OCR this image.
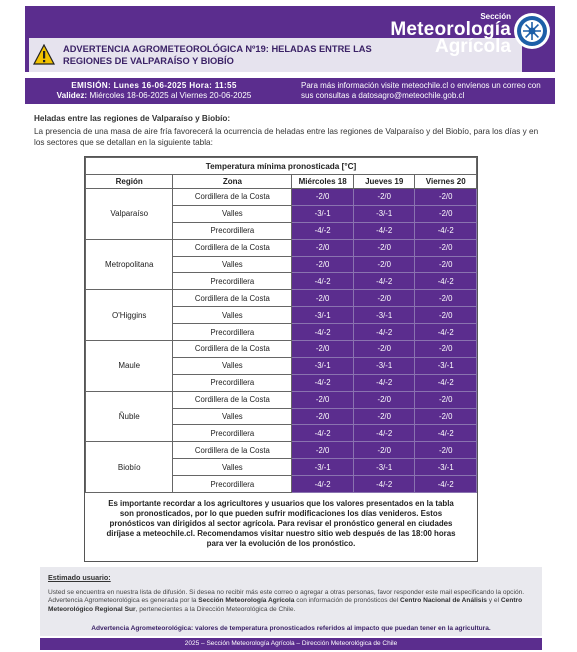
ADVERTENCIA AGROMETEOROLÓGICA Nº19: HELADAS ENTRE LAS REGIONES DE VALPARAÍSO Y BIOBÍO
Sección
Meteorología
Agrícola
EMISIÓN: Lunes 16-06-2025 Hora: 11:55
Validez: Miércoles 18-06-2025 al Viernes 20-06-2025
Para más información visite meteochile.cl o envíenos un correo con sus consultas a datosagro@meteochile.gob.cl
Heladas entre las regiones de Valparaíso y Biobío:
La presencia de una masa de aire fría favorecerá la ocurrencia de heladas entre las regiones de Valparaíso y del Biobío, para los días y en los sectores que se detallan en la siguiente tabla:
Temperatura mínima pronosticada [°C]				
Región	Zona	Miércoles 18	Jueves 19	Viernes 20
Valparaíso	Cordillera de la Costa	-2/0	-2/0	-2/0
	Valles	-3/-1	-3/-1	-2/0
	Precordillera	-4/-2	-4/-2	-4/-2
Metropolitana	Cordillera de la Costa	-2/0	-2/0	-2/0
	Valles	-2/0	-2/0	-2/0
	Precordillera	-4/-2	-4/-2	-4/-2
O'Higgins	Cordillera de la Costa	-2/0	-2/0	-2/0
	Valles	-3/-1	-3/-1	-2/0
	Precordillera	-4/-2	-4/-2	-4/-2
Maule	Cordillera de la Costa	-2/0	-2/0	-2/0
	Valles	-3/-1	-3/-1	-3/-1
	Precordillera	-4/-2	-4/-2	-4/-2
Ñuble	Cordillera de la Costa	-2/0	-2/0	-2/0
	Valles	-2/0	-2/0	-2/0
	Precordillera	-4/-2	-4/-2	-4/-2
Biobío	Cordillera de la Costa	-2/0	-2/0	-2/0
	Valles	-3/-1	-3/-1	-3/-1
	Precordillera	-4/-2	-4/-2	-4/-2
Es importante recordar a los agricultores y usuarios que los valores presentados en la tabla son pronosticados, por lo que pueden sufrir modificaciones los días venideros. Estos pronósticos van dirigidos al sector agrícola. Para revisar el pronóstico general en ciudades diríjase a meteochile.cl. Recomendamos visitar nuestro sitio web después de las 18:00 horas para ver la evolución de los pronóstico.
Estimado usuario:
Usted se encuentra en nuestra lista de difusión. Si desea no recibir más este correo o agregar a otras personas, favor responder este mail especificando la opción. Advertencia Agrometeorológica es generada por la Sección Meteorología Agrícola con información de pronósticos del Centro Nacional de Análisis y el Centro Meteorológico Regional Sur, pertenecientes a la Dirección Meteorológica de Chile.
Advertencia Agrometeorológica: valores de temperatura pronosticados referidos al impacto que puedan tener en la agricultura.
2025 – Sección Meteorología Agrícola – Dirección Meteorológica de Chile
